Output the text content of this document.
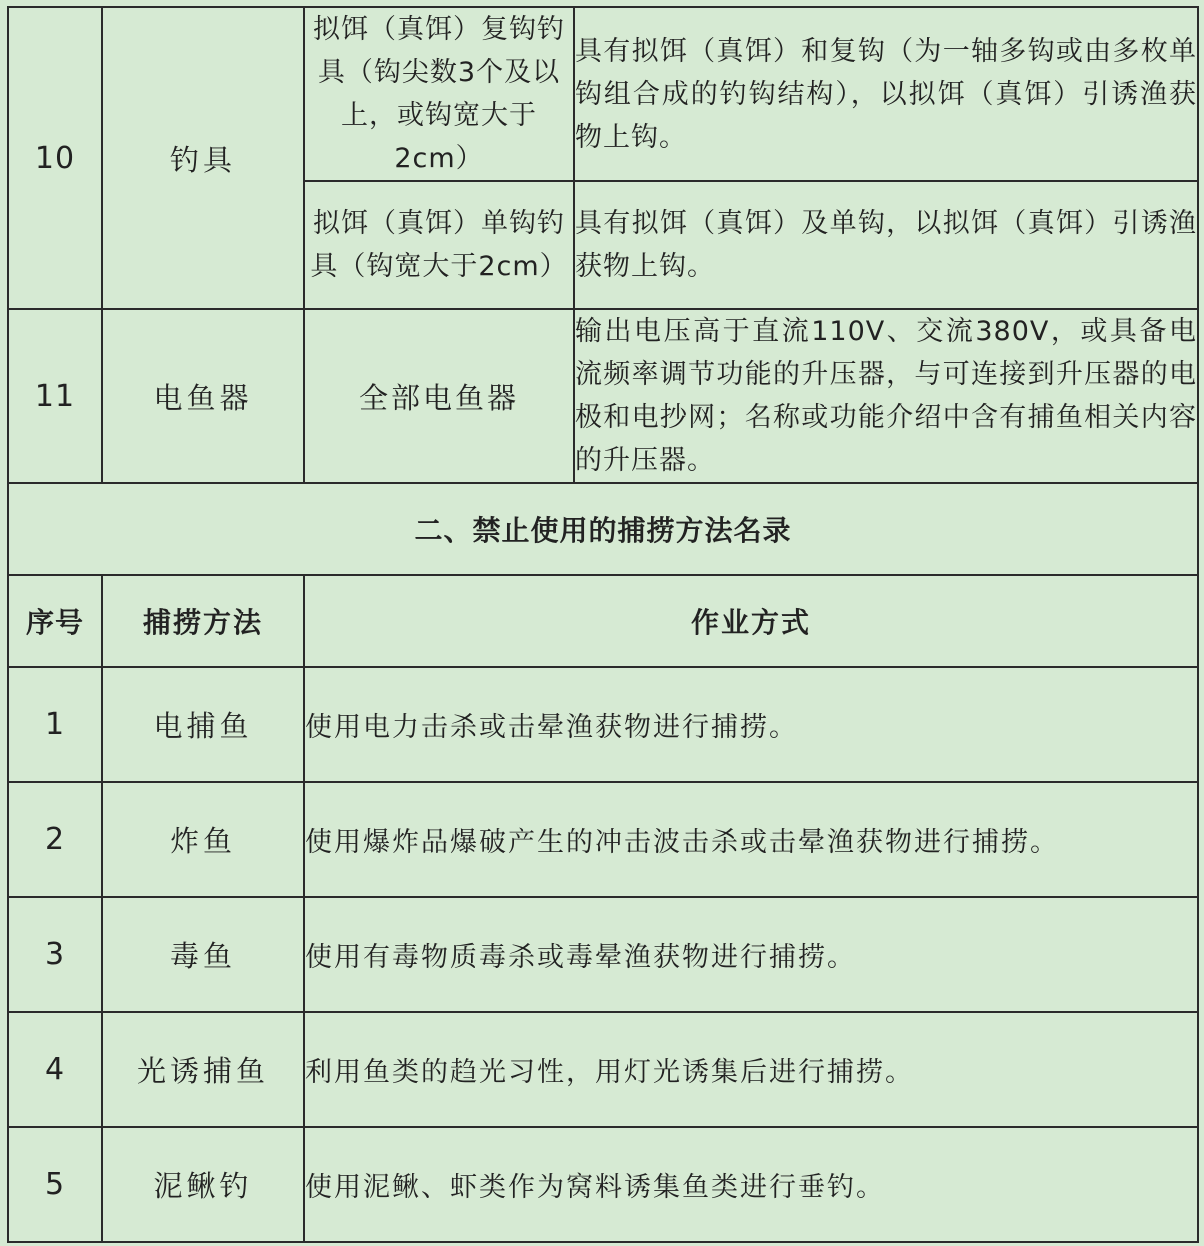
10	钓具	拟饵（真饵）复钩钓具（钩尖数3个及以上，或钩宽大于2cm）	具有拟饵（真饵）和复钩（为一轴多钩或由多枚单钩组合成的钓钩结构），以拟饵（真饵）引诱渔获物上钩。
		拟饵（真饵）单钩钓具（钩宽大于2cm）	具有拟饵（真饵）及单钩，以拟饵（真饵）引诱渔获物上钩。
11	电鱼器	全部电鱼器	输出电压高于直流110V、交流380V，或具备电流频率调节功能的升压器，与可连接到升压器的电极和电抄网；名称或功能介绍中含有捕鱼相关内容的升压器。
二、禁止使用的捕捞方法名录			
序号	捕捞方法	作业方式	
1	电捕鱼	使用电力击杀或击晕渔获物进行捕捞。	
2	炸鱼	使用爆炸品爆破产生的冲击波击杀或击晕渔获物进行捕捞。	
3	毒鱼	使用有毒物质毒杀或毒晕渔获物进行捕捞。	
4	光诱捕鱼	利用鱼类的趋光习性，用灯光诱集后进行捕捞。	
5	泥鳅钓	使用泥鳅、虾类作为窝料诱集鱼类进行垂钓。	
